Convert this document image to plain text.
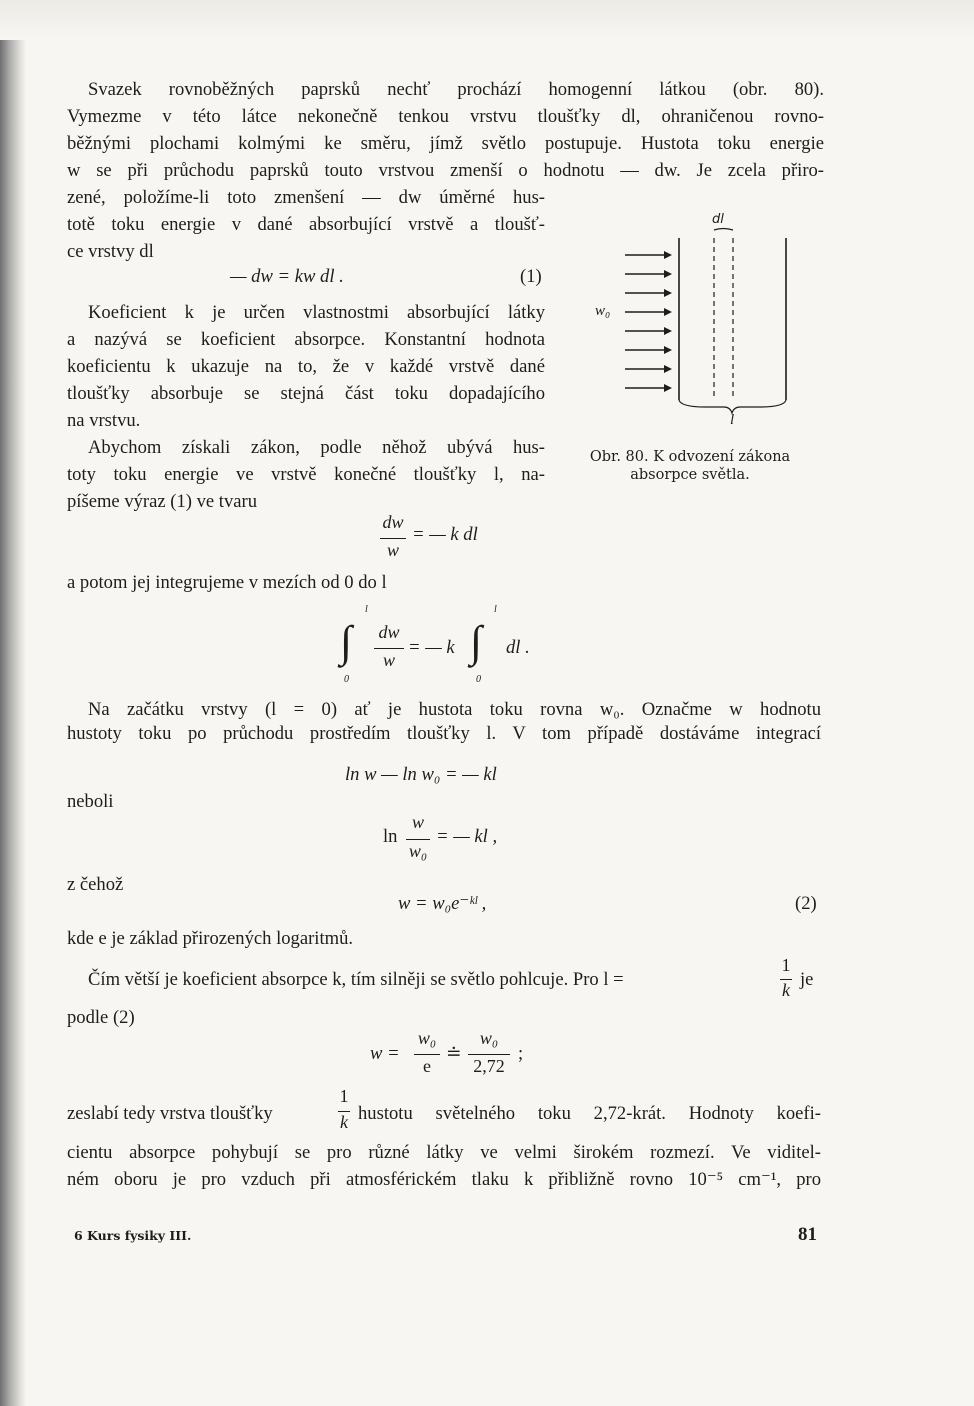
Svazek rovnoběžných paprsků nechť prochází homogenní látkou (obr. 80).
Vymezme v této látce nekonečně tenkou vrstvu tloušťky dl, ohraničenou rovno-
běžnými plochami kolmými ke směru, jímž světlo postupuje. Hustota toku energie
w se při průchodu paprsků touto vrstvou zmenší o hodnotu — dw. Je zcela přiro-
zené, položíme-li toto zmenšení — dw úměrné hus-
totě toku energie v dané absorbující vrstvě a tloušť-
ce vrstvy dl
— dw = kw dl .	(1)
Koeficient k je určen vlastnostmi absorbující látky
a nazývá se koeficient absorpce. Konstantní hodnota
koeficientu k ukazuje na to, že v každé vrstvě dané
tloušťky absorbuje se stejná část toku dopadajícího
na vrstvu.
Abychom získali zákon, podle něhož ubývá hus-
toty toku energie ve vrstvě konečné tloušťky l, na-
píšeme výraz (1) ve tvaru
dl
w₀
l
Obr. 80. K odvození zákona
absorpce světla.
dw
w
= — k dl
a potom jej integrujeme v mezích od 0 do l
l
∫
0
dw
w
= — k
l
∫
0
dl .
Na začátku vrstvy (l = 0) ať je hustota toku rovna w₀. Označme w hodnotu
hustoty toku po průchodu prostředím tloušťky l. V tom případě dostáváme integrací
ln w — ln w₀ = — kl
neboli
ln
w
w₀
= — kl ,
z čehož
w = w₀e⁻ᵏˡ ,	(2)
kde e je základ přirozených logaritmů.
Čím větší je koeficient absorpce k, tím silněji se světlo pohlcuje. Pro l =
1
k je
podle (2)
w =
w₀
e
≐
w₀
2,72
;
zeslabí tedy vrstva tloušťky
1
k hustotu světelného toku 2,72-krát. Hodnoty koefi-
cientu absorpce pohybují se pro různé látky ve velmi širokém rozmezí. Ve viditel-
ném oboru je pro vzduch při atmosférickém tlaku k přibližně rovno 10⁻⁵ cm⁻¹, pro
6 Kurs fysiky III.	81
